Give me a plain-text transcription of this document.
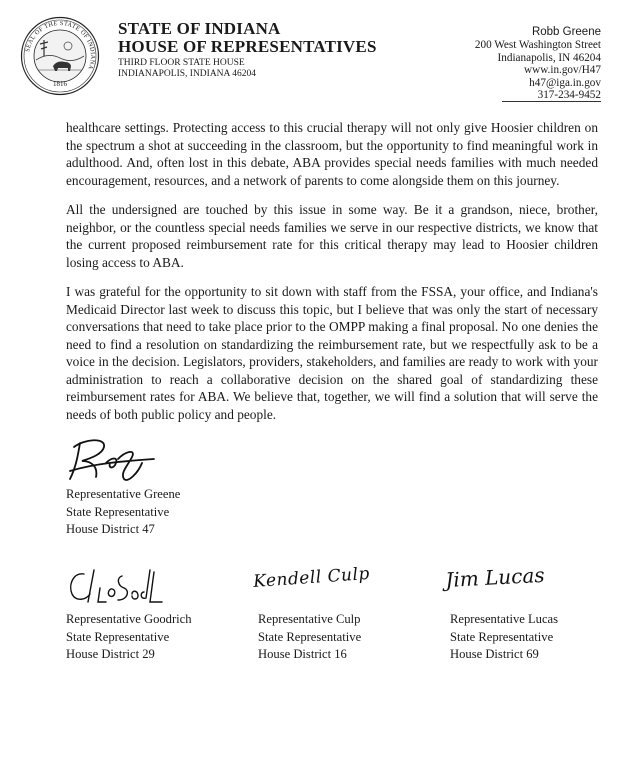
SEAL OF THE STATE OF INDIANA
1816
STATE OF INDIANA
HOUSE OF REPRESENTATIVES
THIRD FLOOR STATE HOUSE
INDIANAPOLIS, INDIANA 46204
Robb Greene
200 West Washington Street
Indianapolis, IN 46204
www.in.gov/H47
h47@iga.in.gov
317-234-9452

healthcare settings. Protecting access to this crucial therapy will not only give Hoosier children on the spectrum a shot at succeeding in the classroom, but the opportunity to find meaningful work in adulthood. And, often lost in this debate, ABA provides special needs families with much needed encouragement, resources, and a network of parents to come alongside them on this journey.

All the undersigned are touched by this issue in some way. Be it a grandson, niece, brother, neighbor, or the countless special needs families we serve in our respective districts, we know that the current proposed reimbursement rate for this critical therapy may lead to Hoosier children losing access to ABA.

I was grateful for the opportunity to sit down with staff from the FSSA, your office, and Indiana's Medicaid Director last week to discuss this topic, but I believe that was only the start of necessary conversations that need to take place prior to the OMPP making a final proposal. No one denies the need to find a resolution on standardizing the reimbursement rate, but we respectfully ask to be a voice in the decision. Legislators, providers, stakeholders, and families are ready to work with your administration to reach a collaborative decision on the shared goal of standardizing these reimbursement rates for ABA. We believe that, together, we will find a solution that will serve the needs of both public policy and people.

Representative Greene
State Representative
House District 47
Representative Goodrich
State Representative
House District 29
Kendell Culp
Representative Culp
State Representative
House District 16
Jim Lucas
Representative Lucas
State Representative
House District 69
